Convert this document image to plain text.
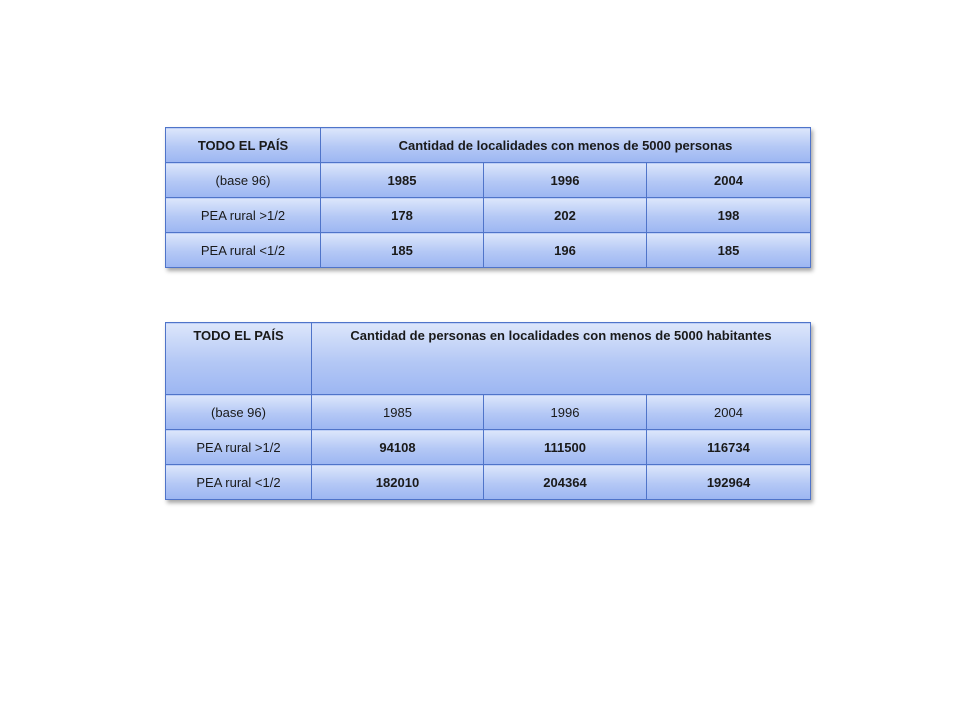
TODO EL PAÍS	Cantidad de localidades con menos de 5000 personas		
(base 96)	1985	1996	2004
PEA rural >1/2	178	202	198
PEA rural <1/2	185	196	185
TODO EL PAÍS	Cantidad de personas en localidades con menos de 5000 habitantes		
(base 96)	1985	1996	2004
PEA rural >1/2	94108	111500	116734
PEA rural <1/2	182010	204364	192964
